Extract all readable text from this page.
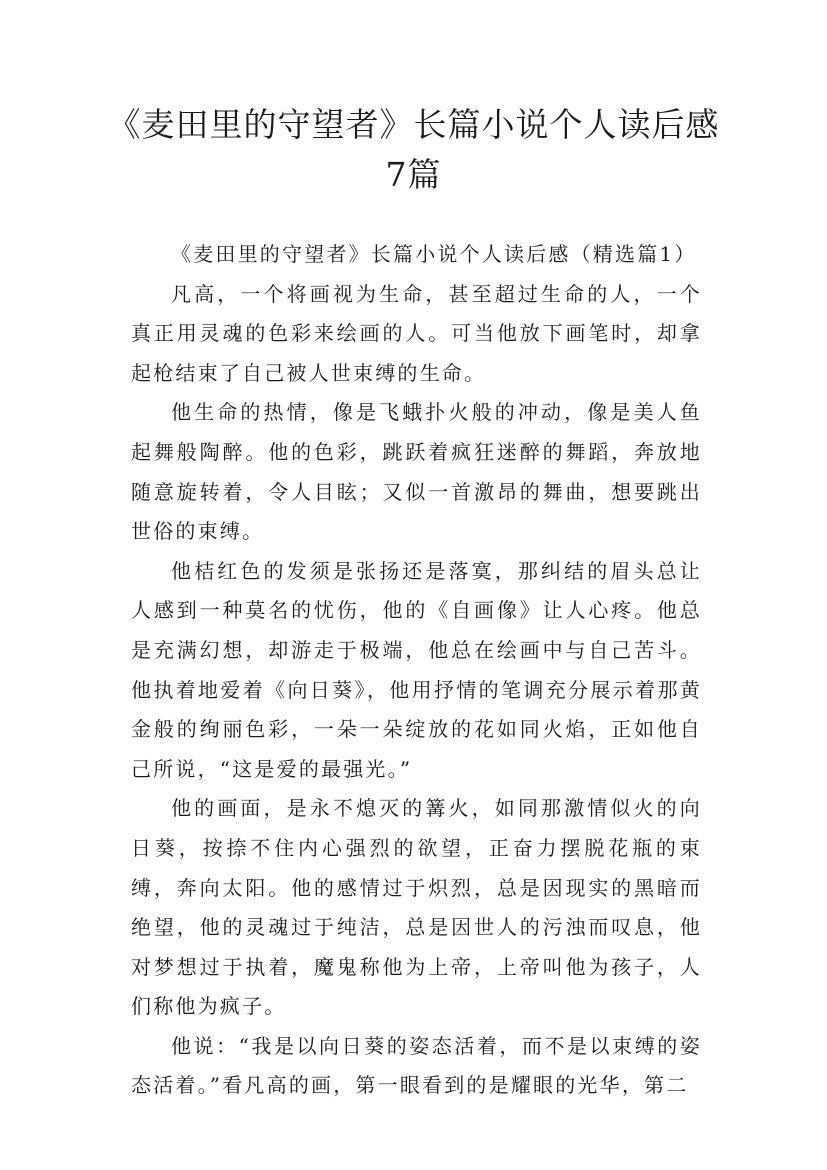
《麦田里的守望者》长篇小说个人读后感7篇

《麦田里的守望者》长篇小说个人读后感（精选篇1）

凡高，一个将画视为生命，甚至超过生命的人，一个真正用灵魂的色彩来绘画的人。可当他放下画笔时，却拿起枪结束了自己被人世束缚的生命。

他生命的热情，像是飞蛾扑火般的冲动，像是美人鱼起舞般陶醉。他的色彩，跳跃着疯狂迷醉的舞蹈，奔放地随意旋转着，令人目眩；又似一首激昂的舞曲，想要跳出世俗的束缚。

他桔红色的发须是张扬还是落寞，那纠结的眉头总让人感到一种莫名的忧伤，他的《自画像》让人心疼。他总是充满幻想，却游走于极端，他总在绘画中与自己苦斗。他执着地爱着《向日葵》，他用抒情的笔调充分展示着那黄金般的绚丽色彩，一朵一朵绽放的花如同火焰，正如他自己所说，“这是爱的最强光。”

他的画面，是永不熄灭的篝火，如同那激情似火的向日葵，按捺不住内心强烈的欲望，正奋力摆脱花瓶的束缚，奔向太阳。他的感情过于炽烈，总是因现实的黑暗而绝望，他的灵魂过于纯洁，总是因世人的污浊而叹息，他对梦想过于执着，魔鬼称他为上帝，上帝叫他为孩子，人们称他为疯子。

他说：“我是以向日葵的姿态活着，而不是以束缚的姿态活着。”看凡高的画，第一眼看到的是耀眼的光华，第二
